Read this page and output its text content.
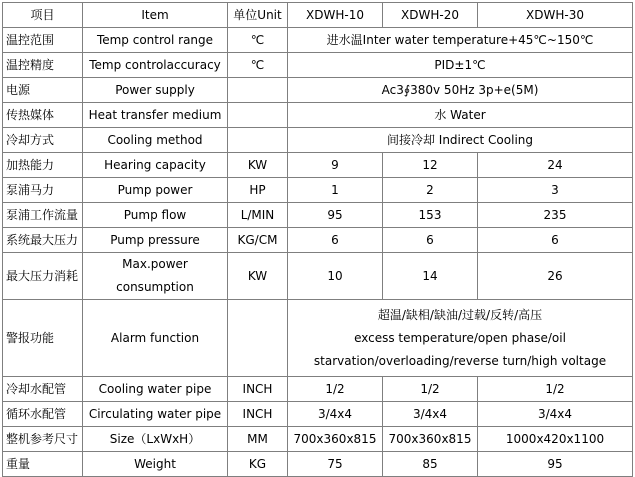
项目	Item	单位Unit	XDWH-10	XDWH-20	XDWH-30
温控范围	Temp control range	℃	进水温Inter water temperature+45℃~150℃		
温控精度	Temp controlaccuracy	℃	PID±1℃		
电源	Power supply		Ac3∮380v 50Hz 3p+e(5M)		
传热媒体	Heat transfer medium		水 Water		
冷却方式	Cooling method		间接冷却 Indirect Cooling		
加热能力	Hearing capacity	KW	9	12	24
泵浦马力	Pump power	HP	1	2	3
泵浦工作流量	Pump flow	L/MIN	95	153	235
系统最大压力	Pump pressure	KG/CM	6	6	6
最大压力消耗	Max.power consumption	KW	10	14	26
警报功能	Alarm function		超温/缺相/缺油/过载/反转/高压
excess temperature/open phase/oil
starvation/overloading/reverse turn/high voltage		

冷却水配管	Cooling water pipe	INCH	1/2	1/2	1/2
循环水配管	Circulating water pipe	INCH	3/4x4	3/4x4	3/4x4
整机参考尺寸	Size（LxWxH）	MM	700x360x815	700x360x815	1000x420x1100
重量	Weight	KG	75	85	95
